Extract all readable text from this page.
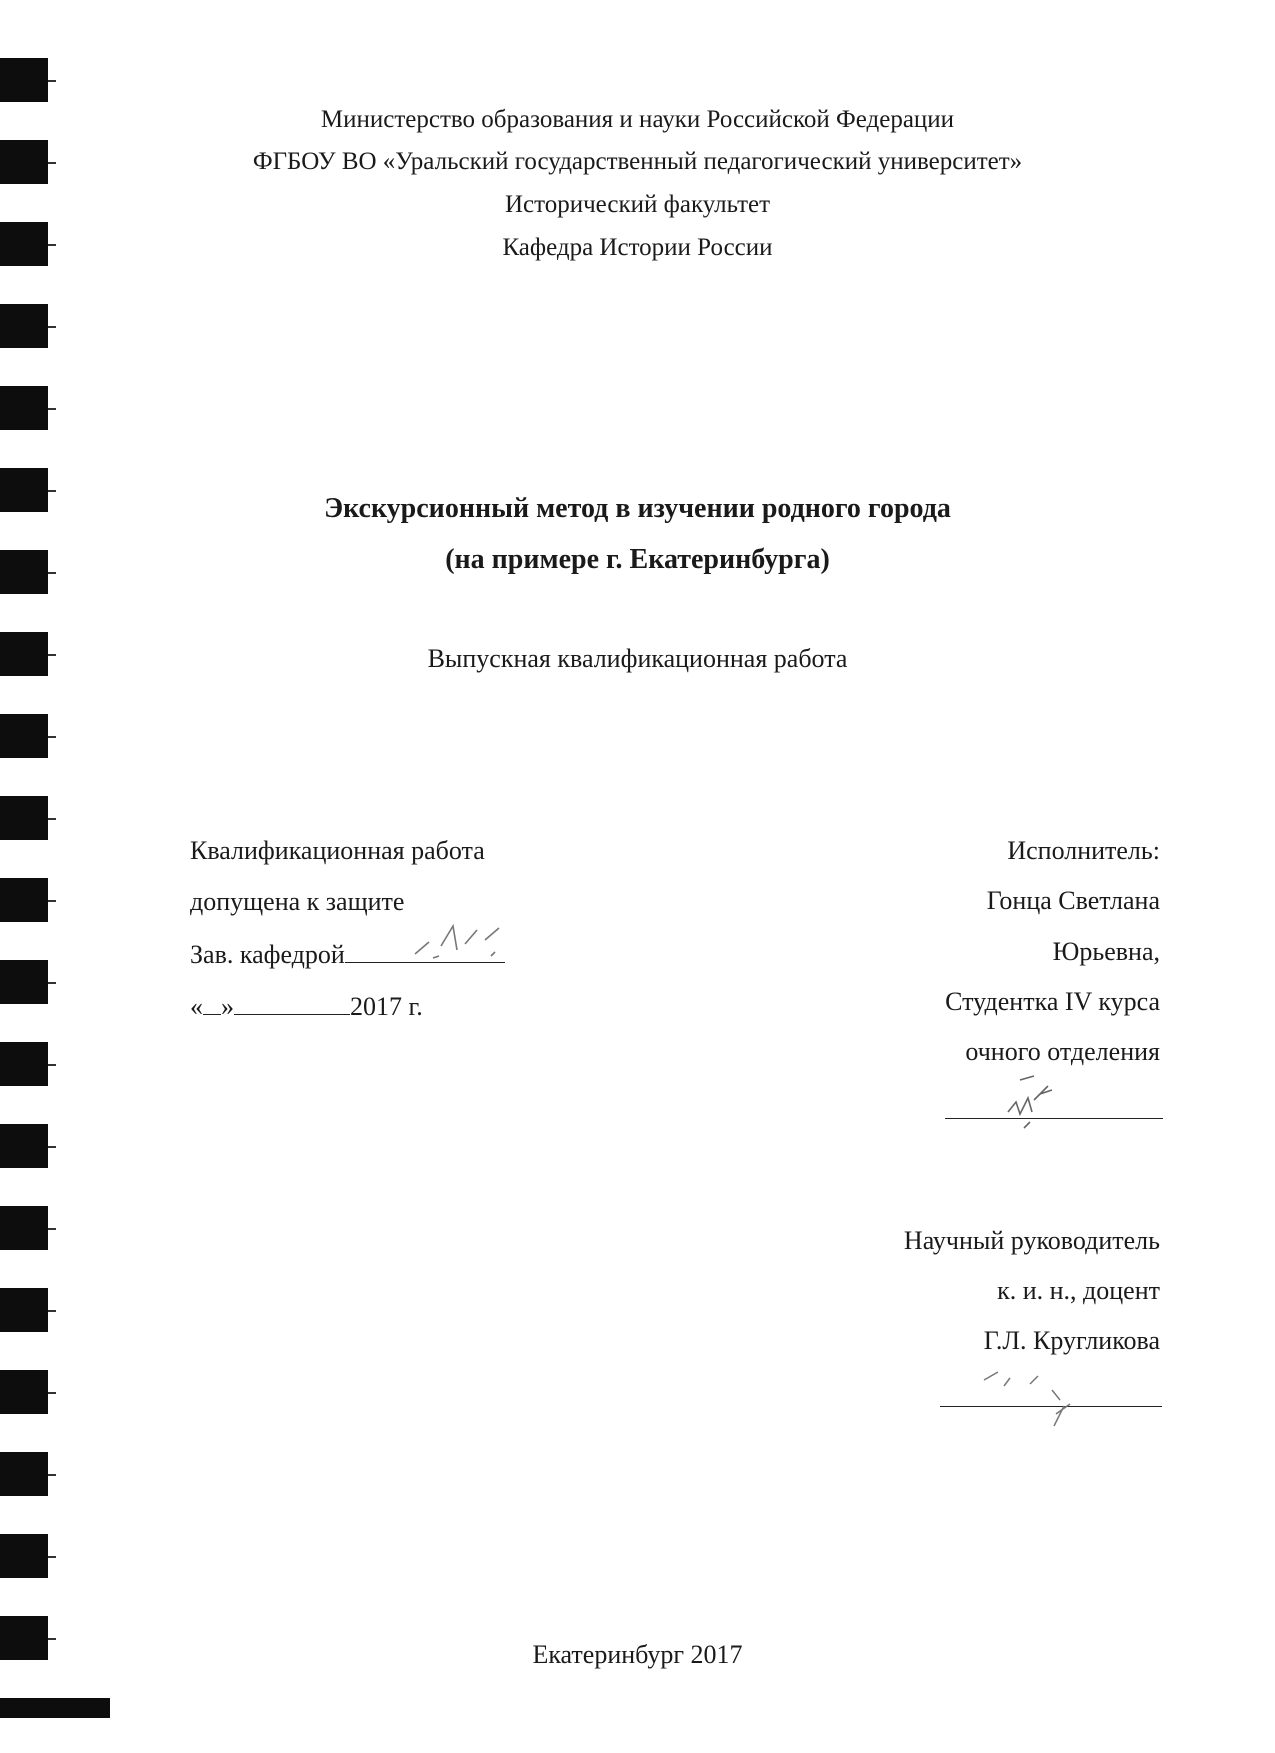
Министерство образования и науки Российской Федерации
ФГБОУ ВО «Уральский государственный педагогический университет»
Исторический факультет
Кафедра Истории России
Экскурсионный метод в изучении родного города
(на примере г. Екатеринбурга)
Выпускная квалификационная работа
Квалификационная работа
допущена к защите
Зав. кафедрой
« »	2017 г.
Исполнитель:
Гонца Светлана
Юрьевна,
Студентка IV курса
очного отделения
Научный руководитель
к. и. н., доцент
Г.Л. Кругликова
Екатеринбург 2017
